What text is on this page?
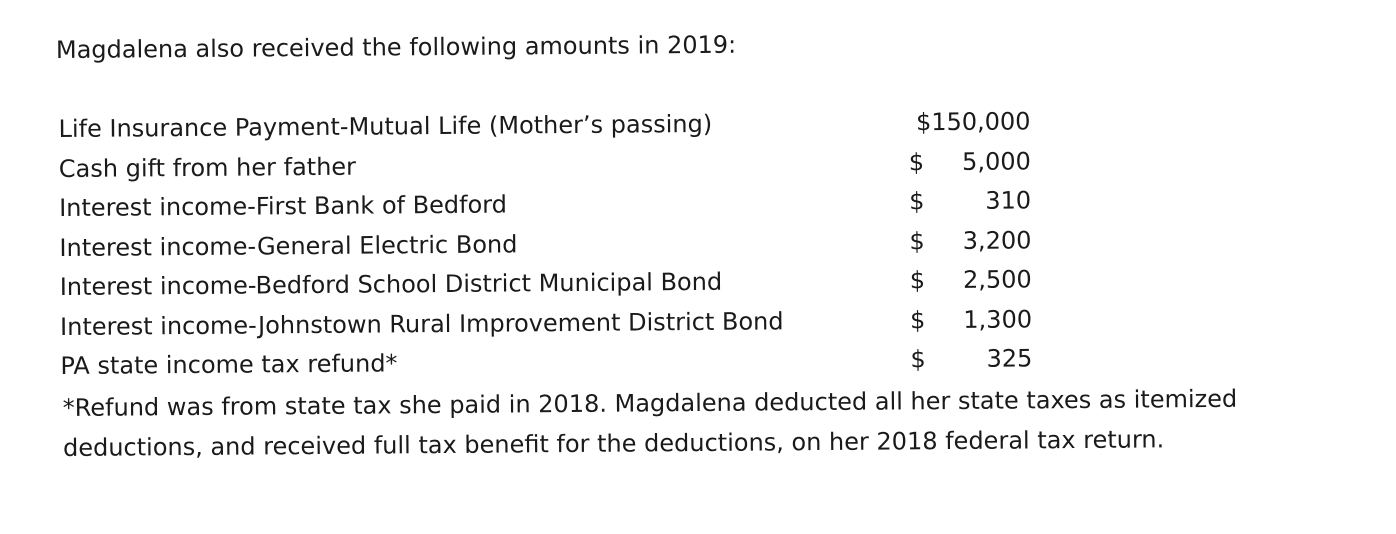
Magdalena also received the following amounts in 2019:
Life Insurance Payment-Mutual Life (Mother’s passing)	$150,000
Cash gift from her father	$ 5,000
Interest income-First Bank of Bedford	$	310
Interest income-General Electric Bond	$ 3,200
Interest income-Bedford School District Municipal Bond	$ 2,500
Interest income-Johnstown Rural Improvement District Bond	$ 1,300
PA state income tax refund*	$	325
*Refund was from state tax she paid in 2018. Magdalena deducted all her state taxes as itemized
deductions, and received full tax benefit for the deductions, on her 2018 federal tax return.
